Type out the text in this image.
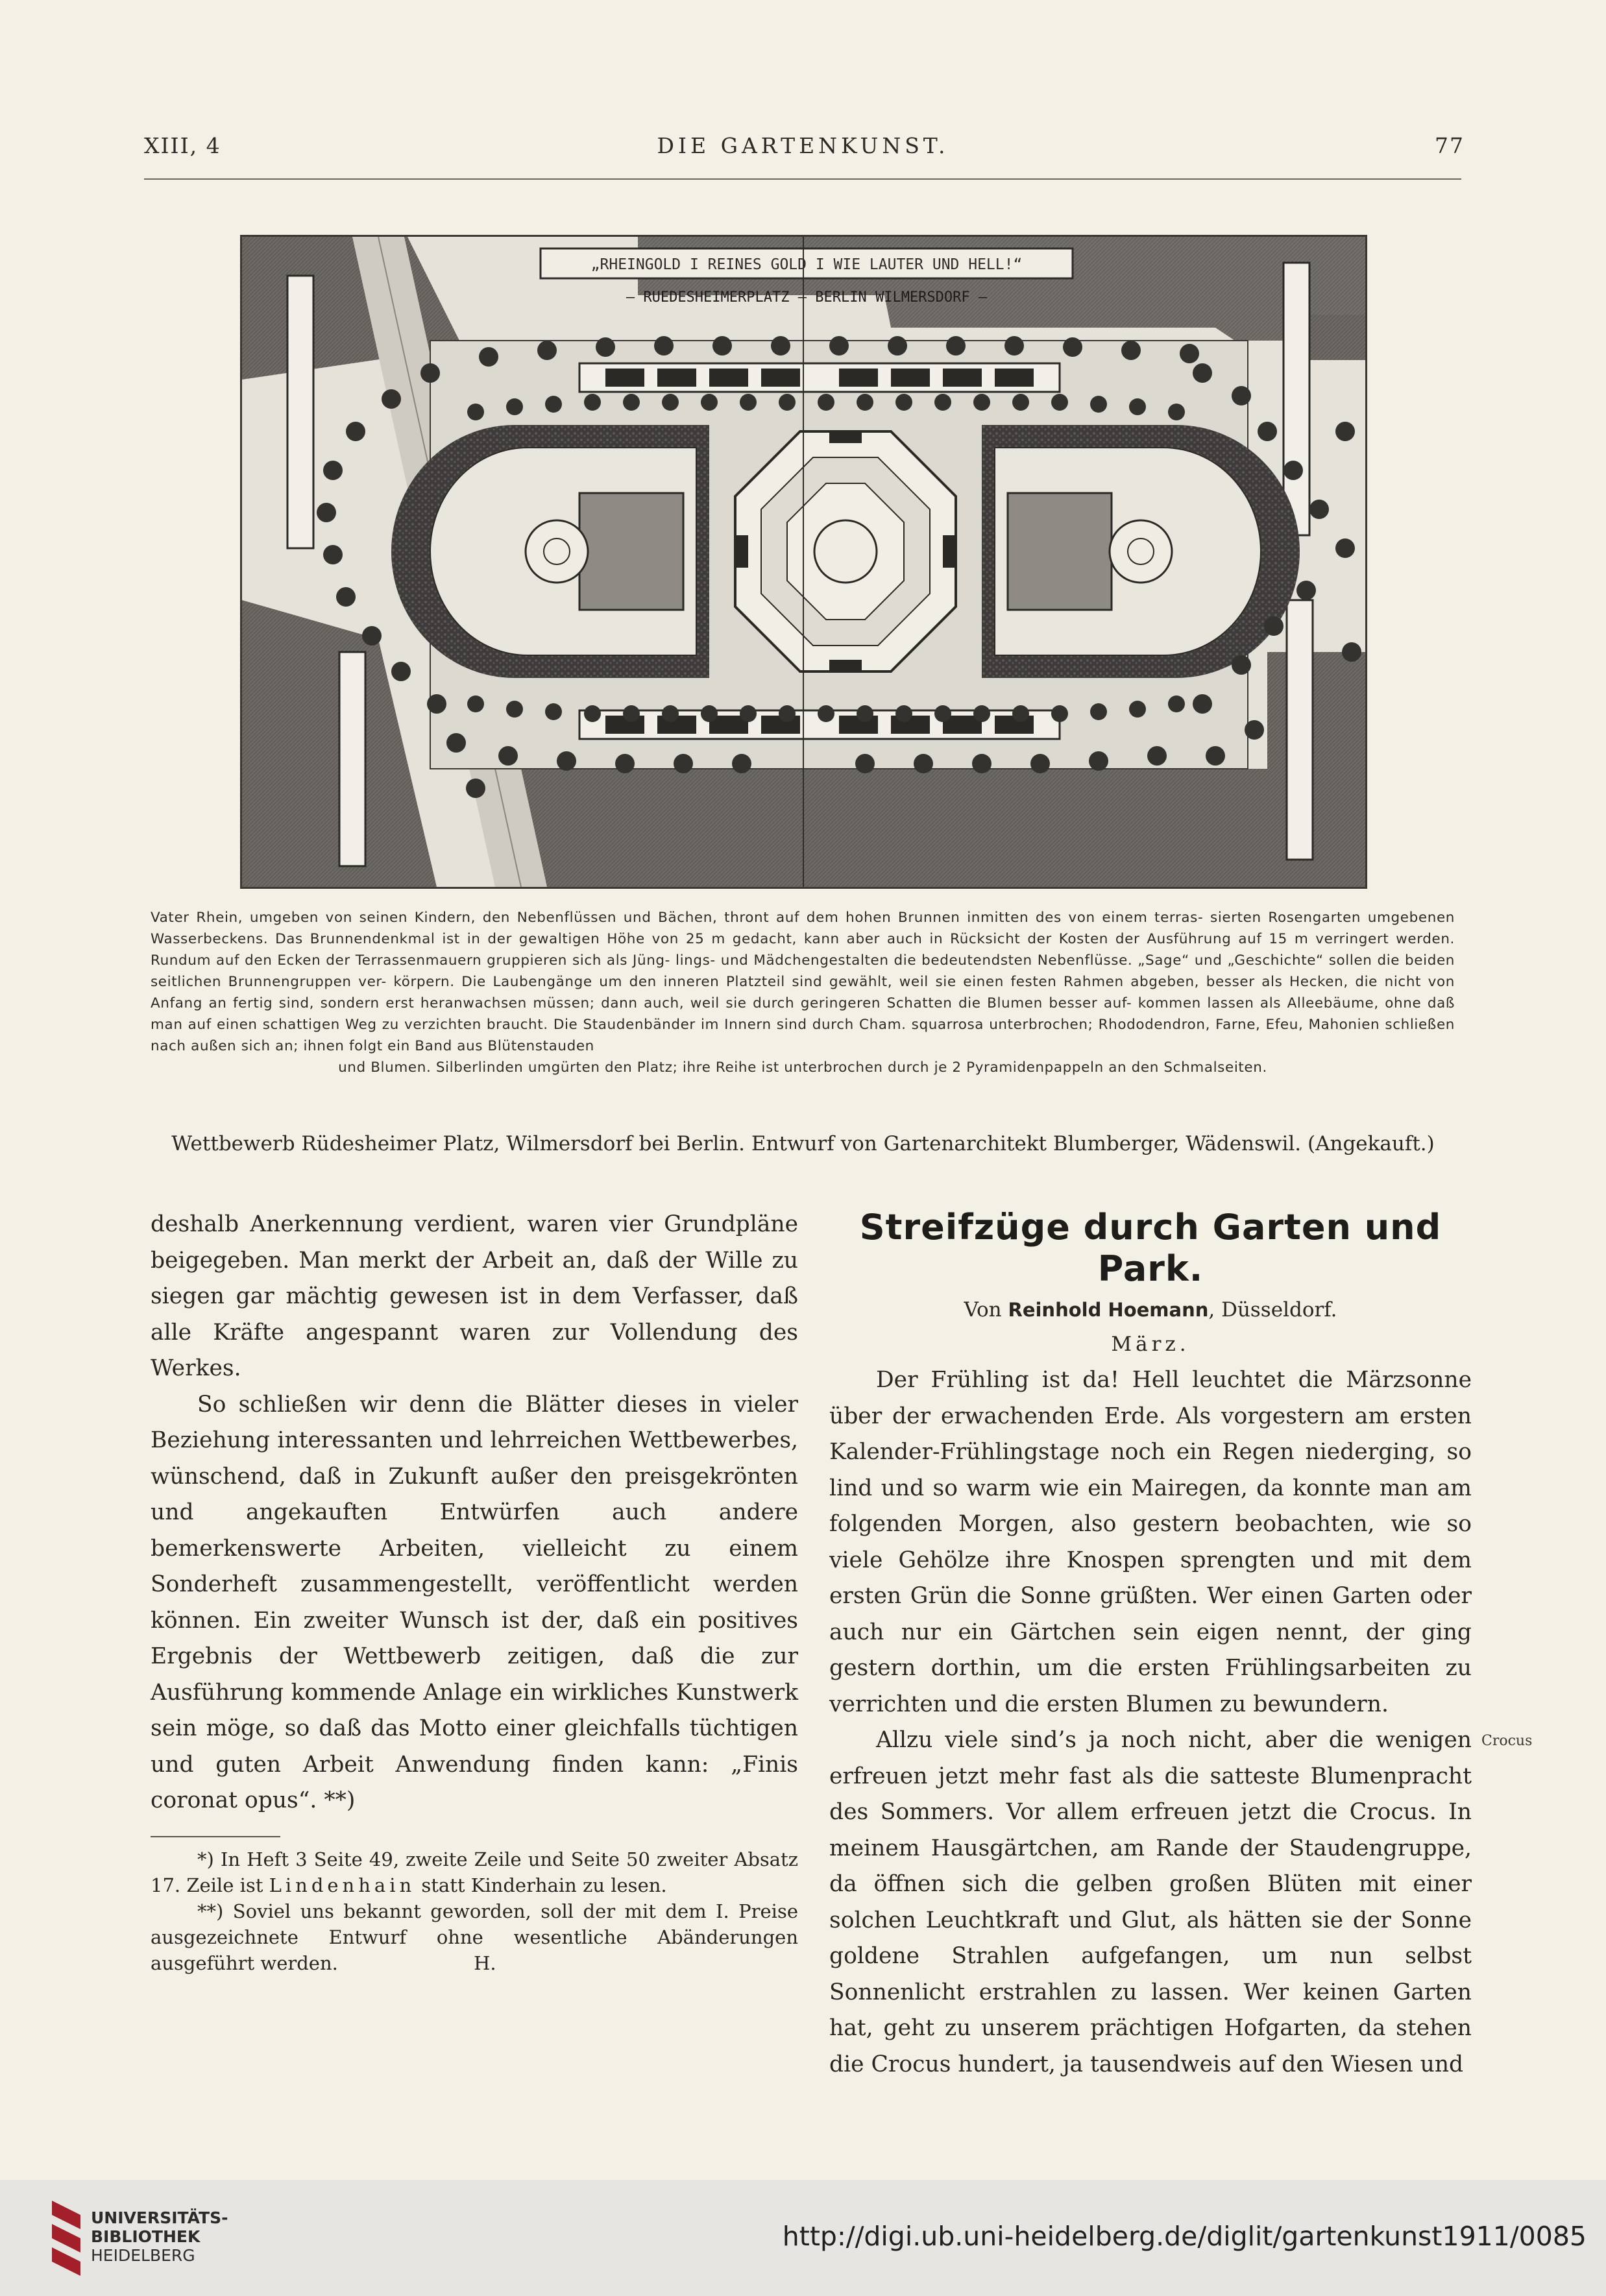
XIII, 4	DIE GARTENKUNST.	77
„RHEINGOLD I REINES GOLD I WIE LAUTER UND HELL!“
– RUEDESHEIMERPLATZ – BERLIN WILMERSDORF –
Vater Rhein, umgeben von seinen Kindern, den Nebenflüssen und Bächen, thront auf dem hohen Brunnen inmitten des von einem terras- sierten Rosengarten umgebenen Wasserbeckens. Das Brunnendenkmal ist in der gewaltigen Höhe von 25 m gedacht, kann aber auch in Rücksicht der Kosten der Ausführung auf 15 m verringert werden. Rundum auf den Ecken der Terrassenmauern gruppieren sich als Jüng- lings- und Mädchengestalten die bedeutendsten Nebenflüsse. „Sage“ und „Geschichte“ sollen die beiden seitlichen Brunnengruppen ver- körpern. Die Laubengänge um den inneren Platzteil sind gewählt, weil sie einen festen Rahmen abgeben, besser als Hecken, die nicht von Anfang an fertig sind, sondern erst heranwachsen müssen; dann auch, weil sie durch geringeren Schatten die Blumen besser auf- kommen lassen als Alleebäume, ohne daß man auf einen schattigen Weg zu verzichten braucht. Die Staudenbänder im Innern sind durch Cham. squarrosa unterbrochen; Rhododendron, Farne, Efeu, Mahonien schließen nach außen sich an; ihnen folgt ein Band aus Blütenstauden
und Blumen. Silberlinden umgürten den Platz; ihre Reihe ist unterbrochen durch je 2 Pyramidenpappeln an den Schmalseiten.
Wettbewerb Rüdesheimer Platz, Wilmersdorf bei Berlin. Entwurf von Gartenarchitekt Blumberger, Wädenswil. (Angekauft.)

deshalb Anerkennung verdient, waren vier Grundpläne beigegeben. Man merkt der Arbeit an, daß der Wille zu siegen gar mächtig gewesen ist in dem Verfasser, daß alle Kräfte angespannt waren zur Vollendung des Werkes.

So schließen wir denn die Blätter dieses in vieler Beziehung interessanten und lehrreichen Wettbewerbes, wünschend, daß in Zukunft außer den preisgekrönten und angekauften Entwürfen auch andere bemerkenswerte Arbeiten, vielleicht zu einem Sonderheft zusammengestellt, veröffentlicht werden können. Ein zweiter Wunsch ist der, daß ein positives Ergebnis der Wettbewerb zeitigen, daß die zur Ausführung kommende Anlage ein wirkliches Kunstwerk sein möge, so daß das Motto einer gleichfalls tüchtigen und guten Arbeit Anwendung finden kann: „Finis coronat opus“. **)

*) In Heft 3 Seite 49, zweite Zeile und Seite 50 zweiter Absatz 17. Zeile ist Lindenhain statt Kinderhain zu lesen.

**) Soviel uns bekannt geworden, soll der mit dem I. Preise ausgezeichnete Entwurf ohne wesentliche Abänderungen ausgeführt werden.	H.

Streifzüge durch Garten und Park.
Von Reinhold Hoemann, Düsseldorf.
März.

Der Frühling ist da! Hell leuchtet die Märzsonne über der erwachenden Erde. Als vorgestern am ersten Kalender-Frühlingstage noch ein Regen niederging, so lind und so warm wie ein Mairegen, da konnte man am folgenden Morgen, also gestern beobachten, wie so viele Gehölze ihre Knospen sprengten und mit dem ersten Grün die Sonne grüßten. Wer einen Garten oder auch nur ein Gärtchen sein eigen nennt, der ging gestern dorthin, um die ersten Frühlingsarbeiten zu verrichten und die ersten Blumen zu bewundern.

Allzu viele sind’s ja noch nicht, aber die wenigen erfreuen jetzt mehr fast als die satteste Blumenpracht des Sommers. Vor allem erfreuen jetzt die Crocus. In meinem Hausgärtchen, am Rande der Staudengruppe, da öffnen sich die gelben großen Blüten mit einer solchen Leuchtkraft und Glut, als hätten sie der Sonne goldene Strahlen aufgefangen, um nun selbst Sonnenlicht erstrahlen zu lassen. Wer keinen Garten hat, geht zu unserem prächtigen Hofgarten, da stehen die Crocus hundert, ja tausendweis auf den Wiesen und

Crocus
UNIVERSITÄTS-
BIBLIOTHEK
HEIDELBERG
http://digi.ub.uni-heidelberg.de/diglit/gartenkunst1911/0085
